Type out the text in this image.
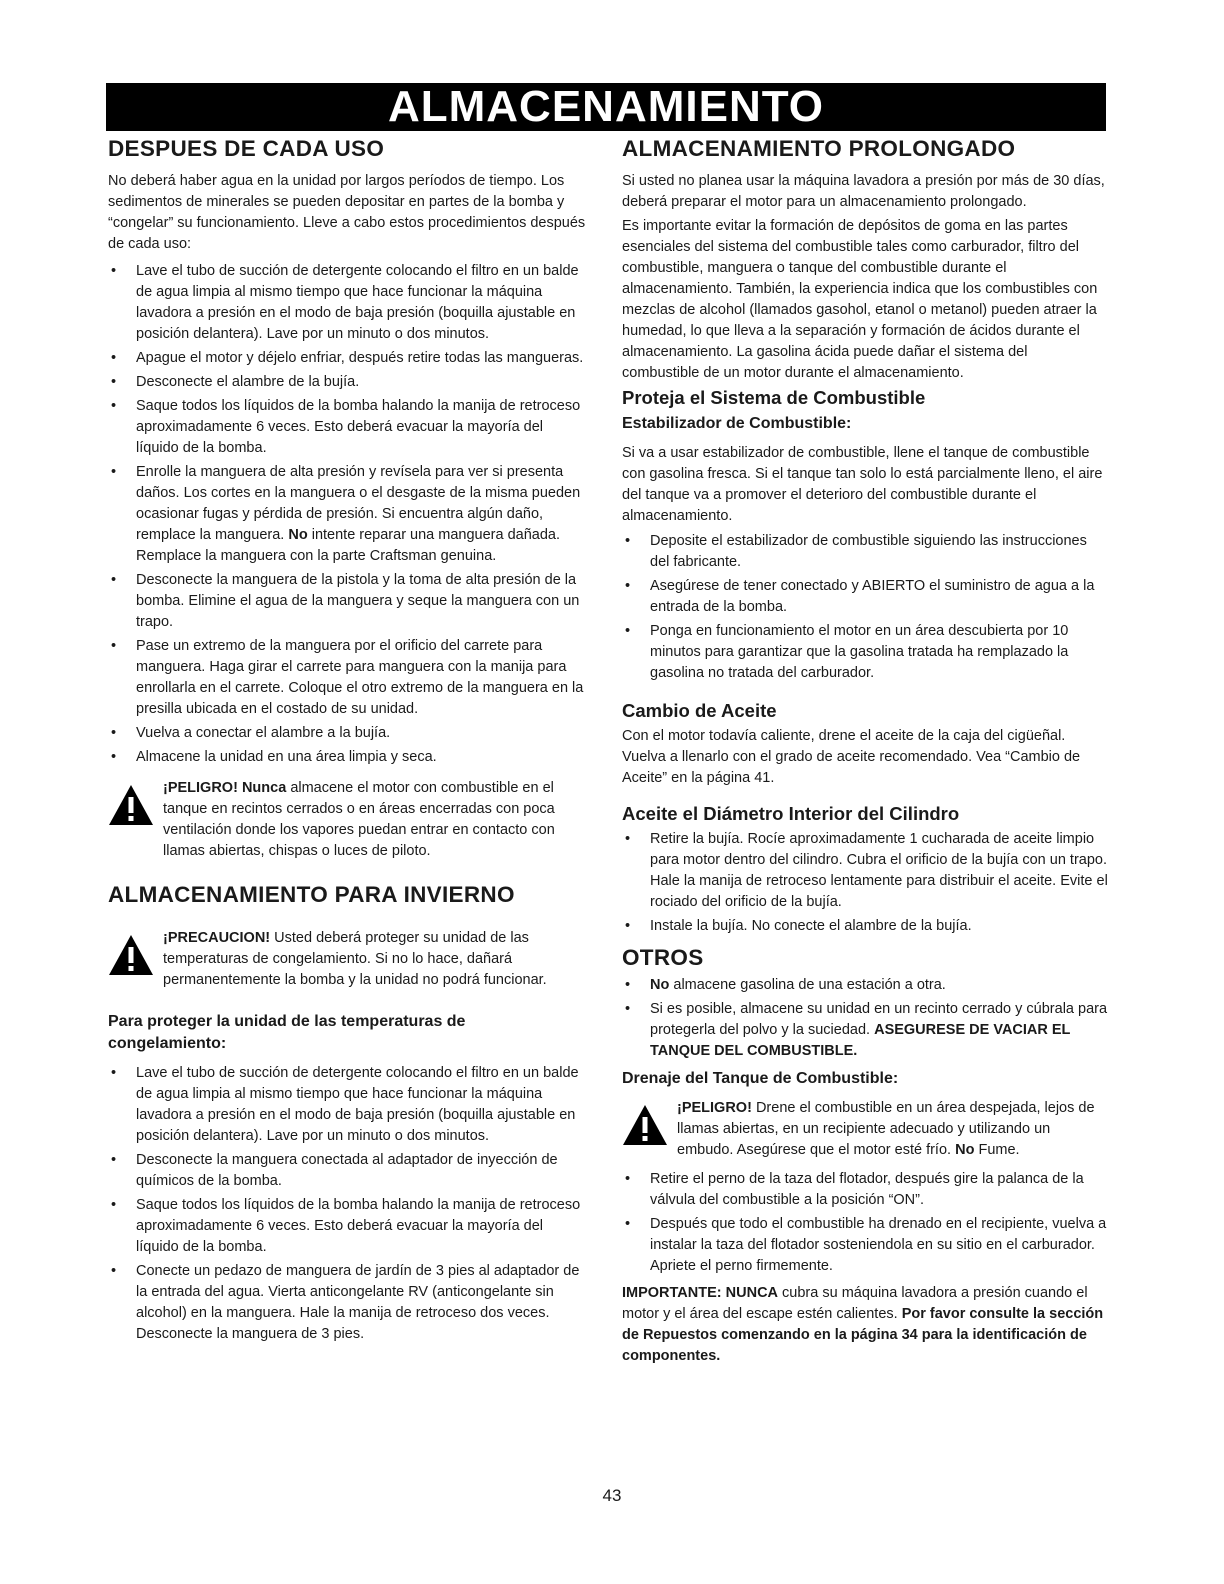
ALMACENAMIENTO
DESPUES DE CADA USO

No deberá haber agua en la unidad por largos períodos de tiempo. Los sedimentos de minerales se pueden depositar en partes de la bomba y “congelar” su funcionamiento. Lleve a cabo estos procedimientos después de cada uso:

• Lave el tubo de succión de detergente colocando el filtro en un balde de agua limpia al mismo tiempo que hace funcionar la máquina lavadora a presión en el modo de baja presión (boquilla ajustable en posición delantera). Lave por un minuto o dos minutos.
• Apague el motor y déjelo enfriar, después retire todas las mangueras.
• Desconecte el alambre de la bujía.
• Saque todos los líquidos de la bomba halando la manija de retroceso aproximadamente 6 veces. Esto deberá evacuar la mayoría del líquido de la bomba.
• Enrolle la manguera de alta presión y revísela para ver si presenta daños. Los cortes en la manguera o el desgaste de la misma pueden ocasionar fugas y pérdida de presión. Si encuentra algún daño, remplace la manguera. No intente reparar una manguera dañada. Remplace la manguera con la parte Craftsman genuina.
• Desconecte la manguera de la pistola y la toma de alta presión de la bomba. Elimine el agua de la manguera y seque la manguera con un trapo.
• Pase un extremo de la manguera por el orificio del carrete para manguera. Haga girar el carrete para manguera con la manija para enrollarla en el carrete. Coloque el otro extremo de la manguera en la presilla ubicada en el costado de su unidad.
• Vuelva a conectar el alambre a la bujía.
• Almacene la unidad en una área limpia y seca.

¡PELIGRO! Nunca almacene el motor con combustible en el tanque en recintos cerrados o en áreas encerradas con poca ventilación donde los vapores puedan entrar en contacto con llamas abiertas, chispas o luces de piloto.

ALMACENAMIENTO PARA INVIERNO

¡PRECAUCION! Usted deberá proteger su unidad de las temperaturas de congelamiento. Si no lo hace, dañará permanentemente la bomba y la unidad no podrá funcionar.

Para proteger la unidad de las temperaturas de congelamiento:
• Lave el tubo de succión de detergente colocando el filtro en un balde de agua limpia al mismo tiempo que hace funcionar la máquina lavadora a presión en el modo de baja presión (boquilla ajustable en posición delantera). Lave por un minuto o dos minutos.
• Desconecte la manguera conectada al adaptador de inyección de químicos de la bomba.
• Saque todos los líquidos de la bomba halando la manija de retroceso aproximadamente 6 veces. Esto deberá evacuar la mayoría del líquido de la bomba.
• Conecte un pedazo de manguera de jardín de 3 pies al adaptador de la entrada del agua. Vierta anticongelante RV (anticongelante sin alcohol) en la manguera. Hale la manija de retroceso dos veces. Desconecte la manguera de 3 pies.
ALMACENAMIENTO PROLONGADO

Si usted no planea usar la máquina lavadora a presión por más de 30 días, deberá preparar el motor para un almacenamiento prolongado.

Es importante evitar la formación de depósitos de goma en las partes esenciales del sistema del combustible tales como carburador, filtro del combustible, manguera o tanque del combustible durante el almacenamiento. También, la experiencia indica que los combustibles con mezclas de alcohol (llamados gasohol, etanol o metanol) pueden atraer la humedad, lo que lleva a la separación y formación de ácidos durante el almacenamiento. La gasolina ácida puede dañar el sistema del combustible de un motor durante el almacenamiento.

Proteja el Sistema de Combustible
Estabilizador de Combustible:

Si va a usar estabilizador de combustible, llene el tanque de combustible con gasolina fresca. Si el tanque tan solo lo está parcialmente lleno, el aire del tanque va a promover el deterioro del combustible durante el almacenamiento.

• Deposite el estabilizador de combustible siguiendo las instrucciones del fabricante.
• Asegúrese de tener conectado y ABIERTO el suministro de agua a la entrada de la bomba.
• Ponga en funcionamiento el motor en un área descubierta por 10 minutos para garantizar que la gasolina tratada ha remplazado la gasolina no tratada del carburador.
Cambio de Aceite

Con el motor todavía caliente, drene el aceite de la caja del cigüeñal. Vuelva a llenarlo con el grado de aceite recomendado. Vea “Cambio de Aceite” en la página 41.

Aceite el Diámetro Interior del Cilindro
• Retire la bujía. Rocíe aproximadamente 1 cucharada de aceite limpio para motor dentro del cilindro. Cubra el orificio de la bujía con un trapo. Hale la manija de retroceso lentamente para distribuir el aceite. Evite el rociado del orificio de la bujía.
• Instale la bujía. No conecte el alambre de la bujía.
OTROS
• No almacene gasolina de una estación a otra.
• Si es posible, almacene su unidad en un recinto cerrado y cúbrala para protegerla del polvo y la suciedad. ASEGURESE DE VACIAR EL TANQUE DEL COMBUSTIBLE.
Drenaje del Tanque de Combustible:

¡PELIGRO! Drene el combustible en un área despejada, lejos de llamas abiertas, en un recipiente adecuado y utilizando un embudo. Asegúrese que el motor esté frío. No Fume.

• Retire el perno de la taza del flotador, después gire la palanca de la válvula del combustible a la posición “ON”.
• Después que todo el combustible ha drenado en el recipiente, vuelva a instalar la taza del flotador sosteniendola en su sitio en el carburador. Apriete el perno firmemente.

IMPORTANTE: NUNCA cubra su máquina lavadora a presión cuando el motor y el área del escape estén calientes. Por favor consulte la sección de Repuestos comenzando en la página 34 para la identificación de componentes.

43
